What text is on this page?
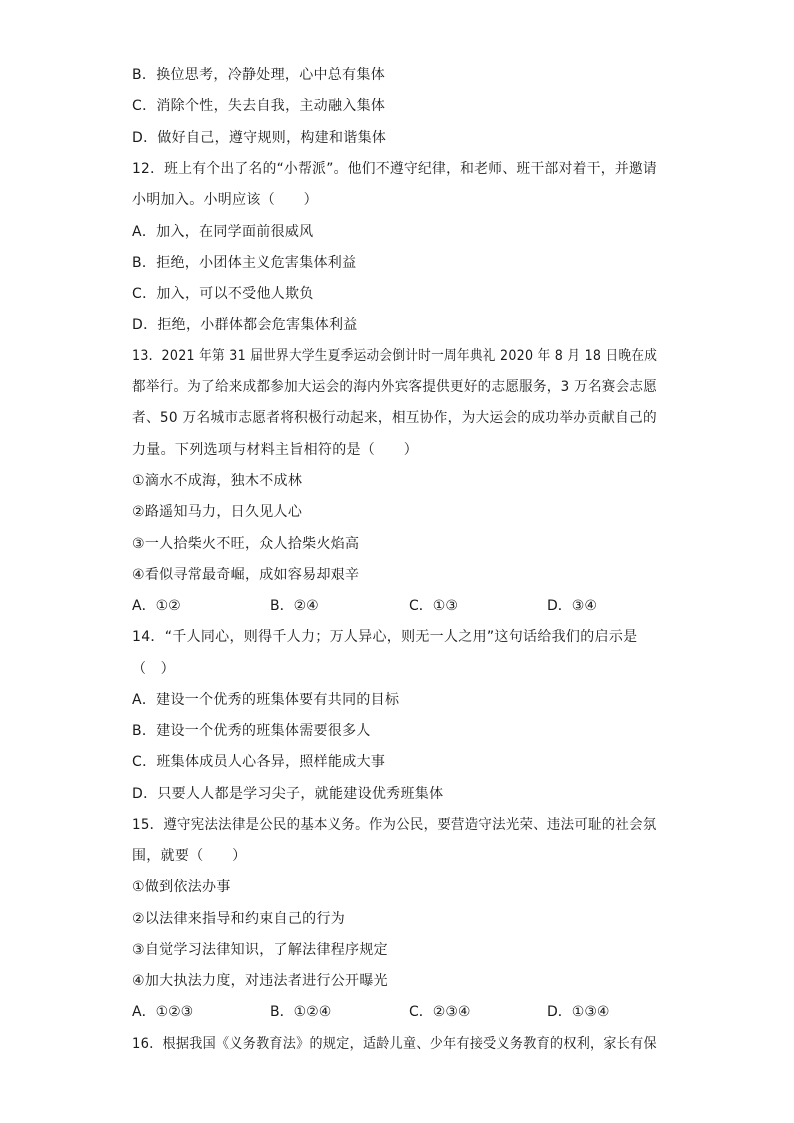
B．换位思考，冷静处理，心中总有集体
C．消除个性，失去自我，主动融入集体
D．做好自己，遵守规则，构建和谐集体
12．班上有个出了名的“小帮派”。他们不遵守纪律，和老师、班干部对着干，并邀请
小明加入。小明应该（　　）
A．加入，在同学面前很威风
B．拒绝，小团体主义危害集体利益
C．加入，可以不受他人欺负
D．拒绝，小群体都会危害集体利益
13．2021 年第 31 届世界大学生夏季运动会倒计时一周年典礼 2020 年 8 月 18 日晚在成
都举行。为了给来成都参加大运会的海内外宾客提供更好的志愿服务，3 万名赛会志愿
者、50 万名城市志愿者将积极行动起来，相互协作，为大运会的成功举办贡献自己的
力量。下列选项与材料主旨相符的是（　　）
①滴水不成海，独木不成林
②路遥知马力，日久见人心
③一人拾柴火不旺，众人拾柴火焰高
④看似寻常最奇崛，成如容易却艰辛
A．①②	B．②④	C．①③	D．③④
14．“千人同心，则得千人力；万人异心，则无一人之用”这句话给我们的启示是
（　）
A．建设一个优秀的班集体要有共同的目标
B．建设一个优秀的班集体需要很多人
C．班集体成员人心各异，照样能成大事
D．只要人人都是学习尖子，就能建设优秀班集体
15．遵守宪法法律是公民的基本义务。作为公民，要营造守法光荣、违法可耻的社会氛
围，就要（　　）
①做到依法办事
②以法律来指导和约束自己的行为
③自觉学习法律知识，了解法律程序规定
④加大执法力度，对违法者进行公开曝光
A．①②③	B．①②④	C．②③④	D．①③④
16．根据我国《义务教育法》的规定，适龄儿童、少年有接受义务教育的权利，家长有保
